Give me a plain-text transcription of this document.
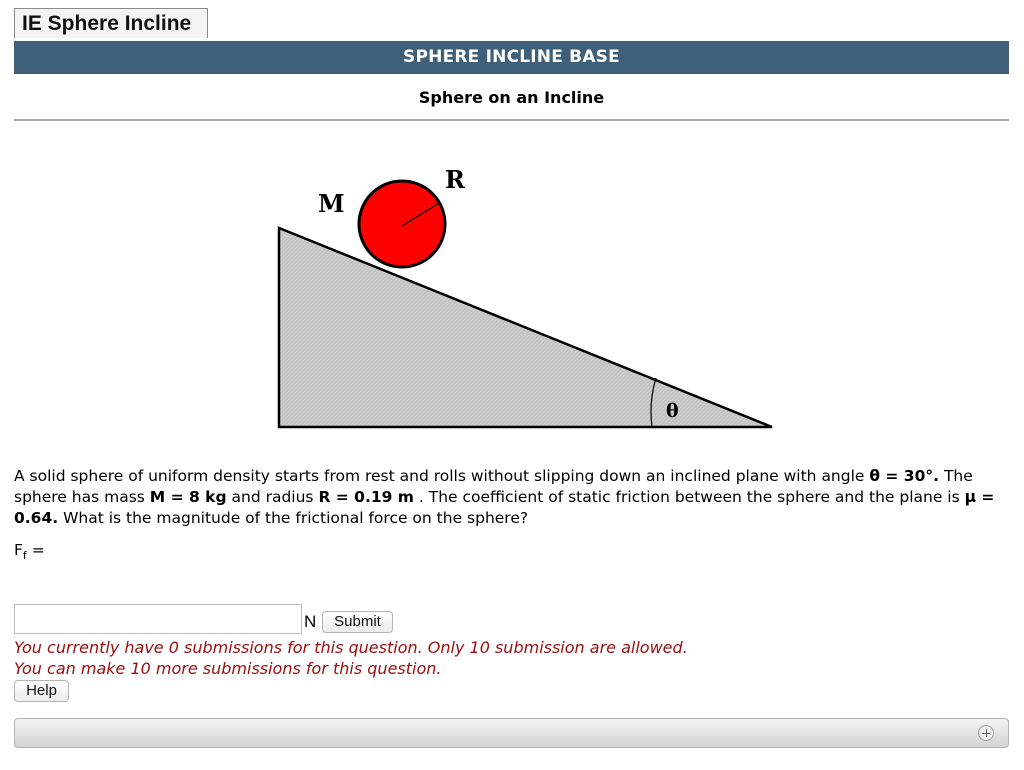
IE Sphere Incline
SPHERE INCLINE BASE
Sphere on an Incline
M
R
θ
A solid sphere of uniform density starts from rest and rolls without slipping down an inclined plane with angle θ = 30°. The sphere has mass M = 8 kg and radius R = 0.19 m . The coefficient of static friction between the sphere and the plane is μ = 0.64. What is the magnitude of the frictional force on the sphere?
$F_f$ =
N	Submit
You currently have 0 submissions for this question. Only 10 submission are allowed.
You can make 10 more submissions for this question.
Help
